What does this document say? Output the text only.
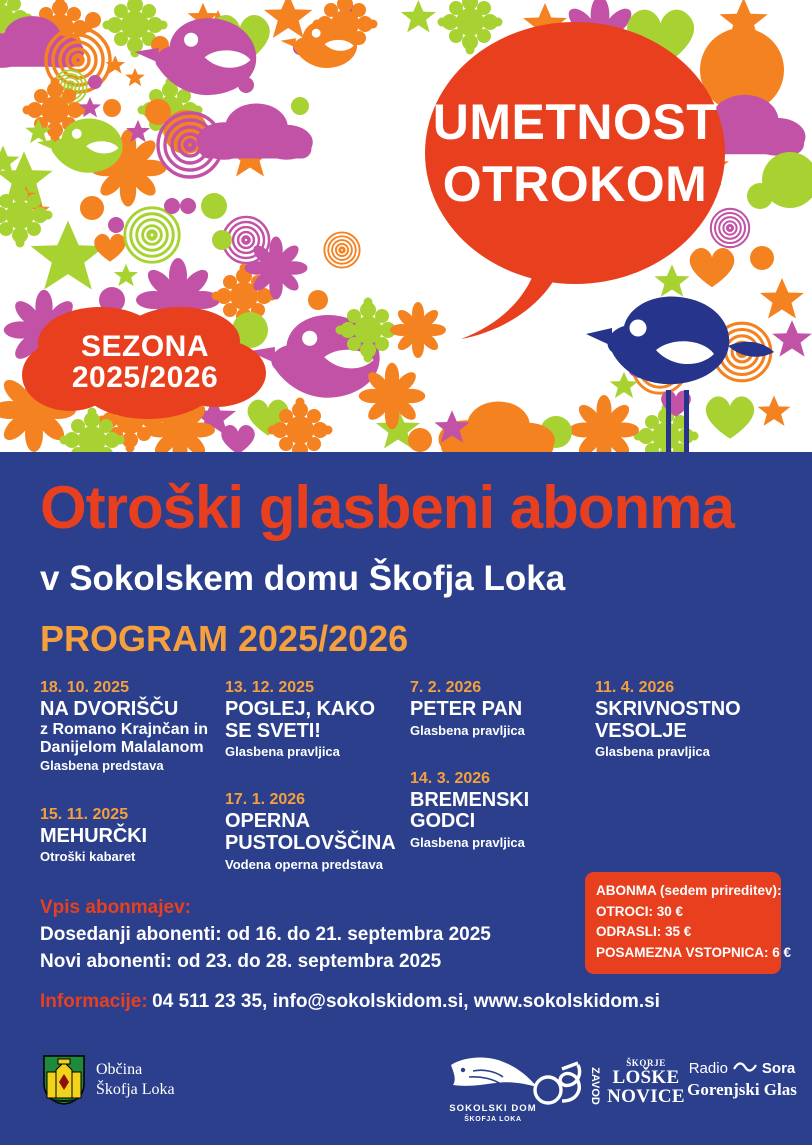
UMETNOST
OTROKOM
SEZONA
2025/2026
Otroški glasbeni abonma
v Sokolskem domu Škofja Loka
PROGRAM 2025/2026
18. 10. 2025
NA DVORIŠČU
z Romano Krajnčan in Danijelom Malalanom
Glasbena predstava
15. 11. 2025
MEHURČKI
Otroški kabaret
13. 12. 2025
POGLEJ, KAKO SE SVETI!
Glasbena pravljica
17. 1. 2026
OPERNA PUSTOLOVŠČINA
Vodena operna predstava
7. 2. 2026
PETER PAN
Glasbena pravljica
14. 3. 2026
BREMENSKI GODCI
Glasbena pravljica
11. 4. 2026
SKRIVNOSTNO VESOLJE
Glasbena pravljica
Vpis abonmajev:
Dosedanji abonenti: od 16. do 21. septembra 2025
Novi abonenti: od 23. do 28. septembra 2025
Informacije: 04 511 23 35, info@sokolskidom.si, www.sokolskidom.si
ABONMA (sedem prireditev):
OTROCI: 30 €
ODRASLI: 35 €
POSAMEZNA VSTOPNICA: 6 €
Občina
Škofja Loka
SOKOLSKI DOM
ŠKOFJA LOKA
ZAVOD
ŠKORJE
LOŠKE
NOVICE
Radio Sora
Gorenjski Glas
